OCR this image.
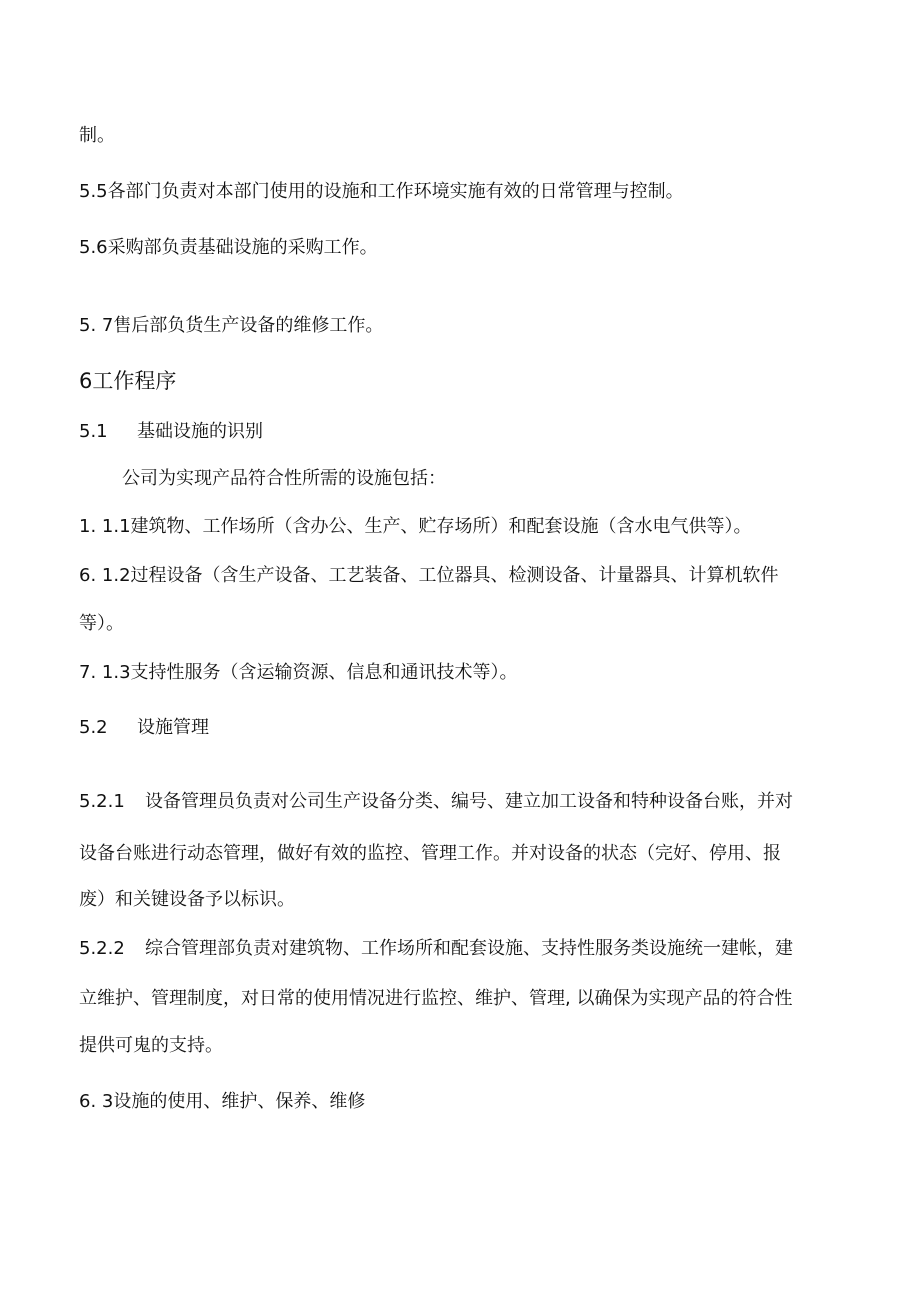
制。
5.5各部门负责对本部门使用的设施和工作环境实施有效的日常管理与控制。
5.6采购部负责基础设施的采购工作。
5. 7售后部负货生产设备的维修工作。
6工作程序
5.1 基础设施的识别
公司为实现产品符合性所需的设施包括：
1. 1.1建筑物、工作场所（含办公、生产、贮存场所）和配套设施（含水电气供等）。
6. 1.2过程设备（含生产设备、工艺装备、工位器具、检测设备、计量器具、计算机软件
等）。
7. 1.3支持性服务（含运输资源、信息和通讯技术等）。
5.2 设施管理
5.2.1 设备管理员负责对公司生产设备分类、编号、建立加工设备和特种设备台账，并对
设备台账进行动态管理，做好有效的监控、管理工作。并对设备的状态（完好、停用、报
废）和关键设备予以标识。
5.2.2 综合管理部负责对建筑物、工作场所和配套设施、支持性服务类设施统一建帐，建
立维护、管理制度，对日常的使用情况进行监控、维护、管理, 以确保为实现产品的符合性
提供可鬼的支持。
6. 3设施的使用、维护、保养、维修
